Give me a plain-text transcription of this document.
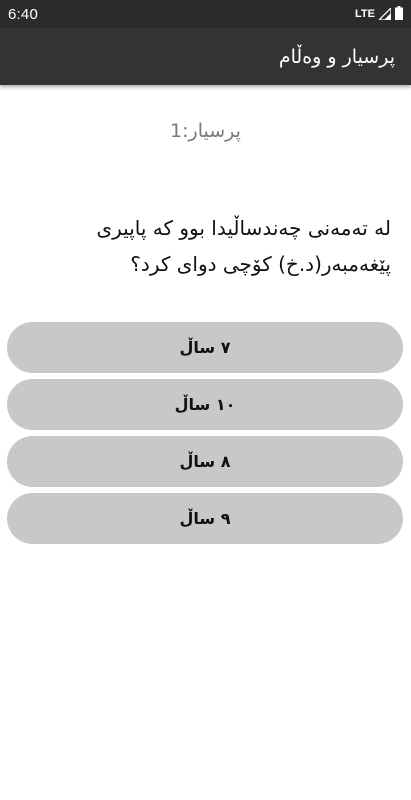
6:40	LTE
پرسیار و وەڵام
پرسیار:1
لە تەمەنی چەندساڵیدا بوو کە پاپیری پێغەمبەر(د.خ) کۆچی دوای کرد؟
٧ ساڵ
١٠ ساڵ
٨ ساڵ
٩ ساڵ
